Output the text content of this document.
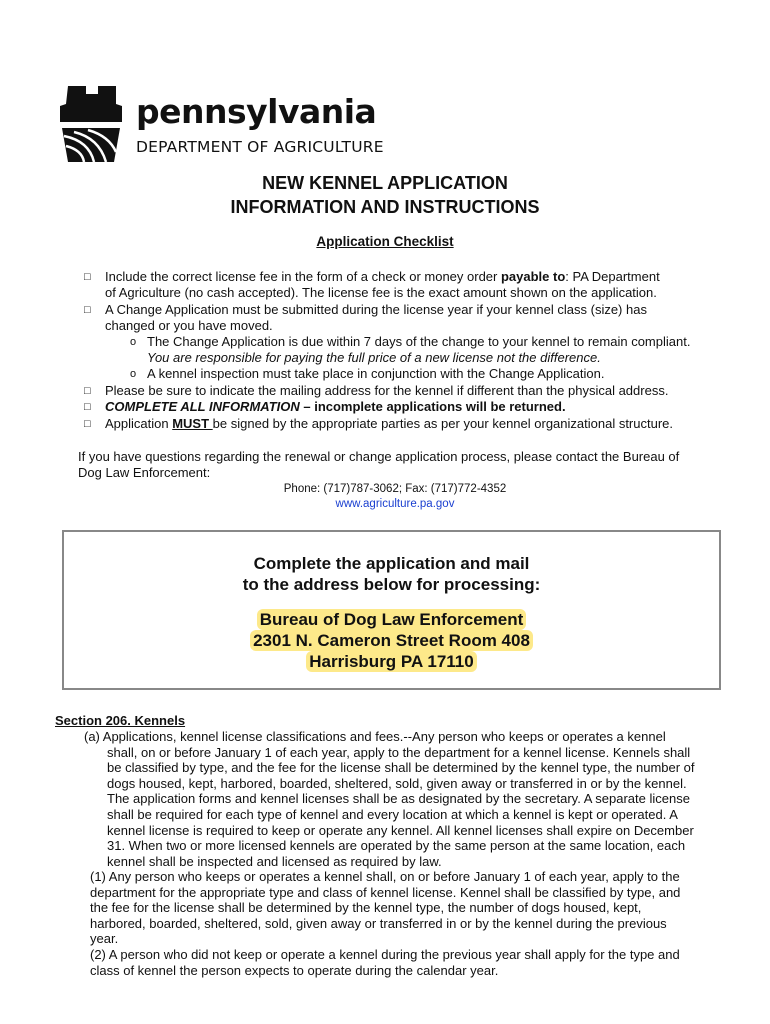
pennsylvania
DEPARTMENT OF AGRICULTURE
NEW KENNEL APPLICATION
INFORMATION AND INSTRUCTIONS
Application Checklist
□ Include the correct license fee in the form of a check or money order payable to: PA Department
of Agriculture (no cash accepted). The license fee is the exact amount shown on the application.
□ A Change Application must be submitted during the license year if your kennel class (size) has
changed or you have moved.
o The Change Application is due within 7 days of the change to your kennel to remain compliant.
You are responsible for paying the full price of a new license not the difference.
o A kennel inspection must take place in conjunction with the Change Application.
□ Please be sure to indicate the mailing address for the kennel if different than the physical address.
□ COMPLETE ALL INFORMATION – incomplete applications will be returned.
□ Application MUST be signed by the appropriate parties as per your kennel organizational structure.
If you have questions regarding the renewal or change application process, please contact the Bureau of
Dog Law Enforcement:
Phone: (717)787-3062; Fax: (717)772-4352
www.agriculture.pa.gov
Complete the application and mail
to the address below for processing:
Bureau of Dog Law Enforcement
2301 N. Cameron Street Room 408
Harrisburg PA 17110
Section 206. Kennels
(a) Applications, kennel license classifications and fees.--Any person who keeps or operates a kennel
shall, on or before January 1 of each year, apply to the department for a kennel license. Kennels shall
be classified by type, and the fee for the license shall be determined by the kennel type, the number of
dogs housed, kept, harbored, boarded, sheltered, sold, given away or transferred in or by the kennel.
The application forms and kennel licenses shall be as designated by the secretary. A separate license
shall be required for each type of kennel and every location at which a kennel is kept or operated. A
kennel license is required to keep or operate any kennel. All kennel licenses shall expire on December
31. When two or more licensed kennels are operated by the same person at the same location, each
kennel shall be inspected and licensed as required by law.
(1) Any person who keeps or operates a kennel shall, on or before January 1 of each year, apply to the
department for the appropriate type and class of kennel license. Kennel shall be classified by type, and
the fee for the license shall be determined by the kennel type, the number of dogs housed, kept,
harbored, boarded, sheltered, sold, given away or transferred in or by the kennel during the previous
year.
(2) A person who did not keep or operate a kennel during the previous year shall apply for the type and
class of kennel the person expects to operate during the calendar year.
